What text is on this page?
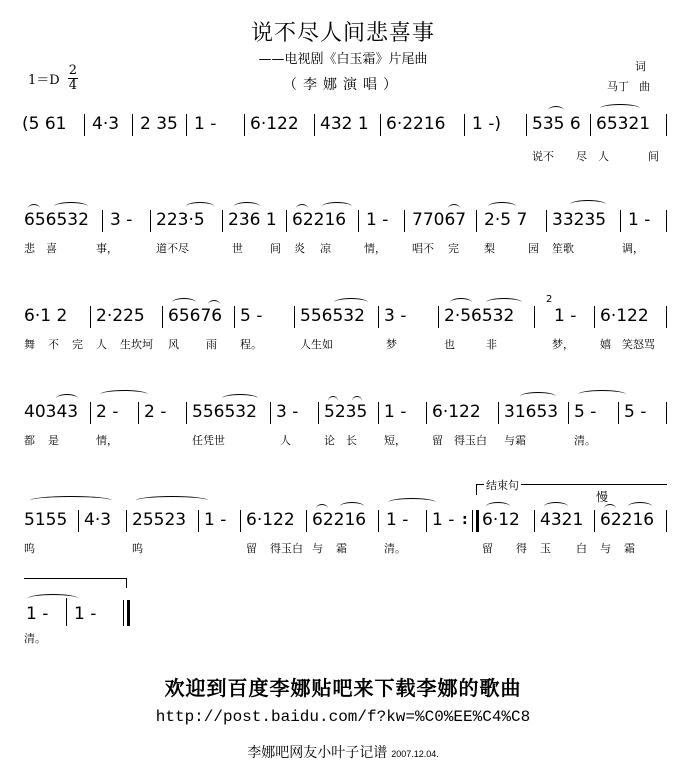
说不尽人间悲喜事
——电视剧《白玉霜》片尾曲
（李娜演唱）
$1=D \frac{2}{4}$	词
马丁 曲
(5 61 4·3 2 35 1 - 6·122 432 1 6·2216 1 -) 535 6 65321
说不 尽 人	间
656532 3 - 223·5 236 1 62216 1 - 77067 2·5 7 33235 1 -
悲 喜	事，	道不尽	世 间 炎 凉	情， 唱不 完 梨	园 笙歌	调，
6·1 2 2·225 65676 5 - 556532 3 - 2·56532
2
1 - 6·122
舞 不 完 人 生坎坷 风 雨 程。	人生如	梦	也	非	梦， 嬉 笑怒骂
40343 2 - 2 - 556532 3 - 5235 1 - 6·122 31653 5 - 5 -
都 是	情，	任凭世	人	论 长 短， 留 得玉白 与霜	清。
5155 4·3 25523 1 - 6·122 62216 1 - 1 - : 6·12 4321 62216
结束句
慢
呜	呜	留 得玉白 与 霜	清。	留 得 玉 白 与 霜
1 - 1 -
清。
欢迎到百度李娜贴吧来下载李娜的歌曲
http://post.baidu.com/f?kw=%C0%EE%C4%C8
李娜吧网友小叶子记谱 2007.12.04.
